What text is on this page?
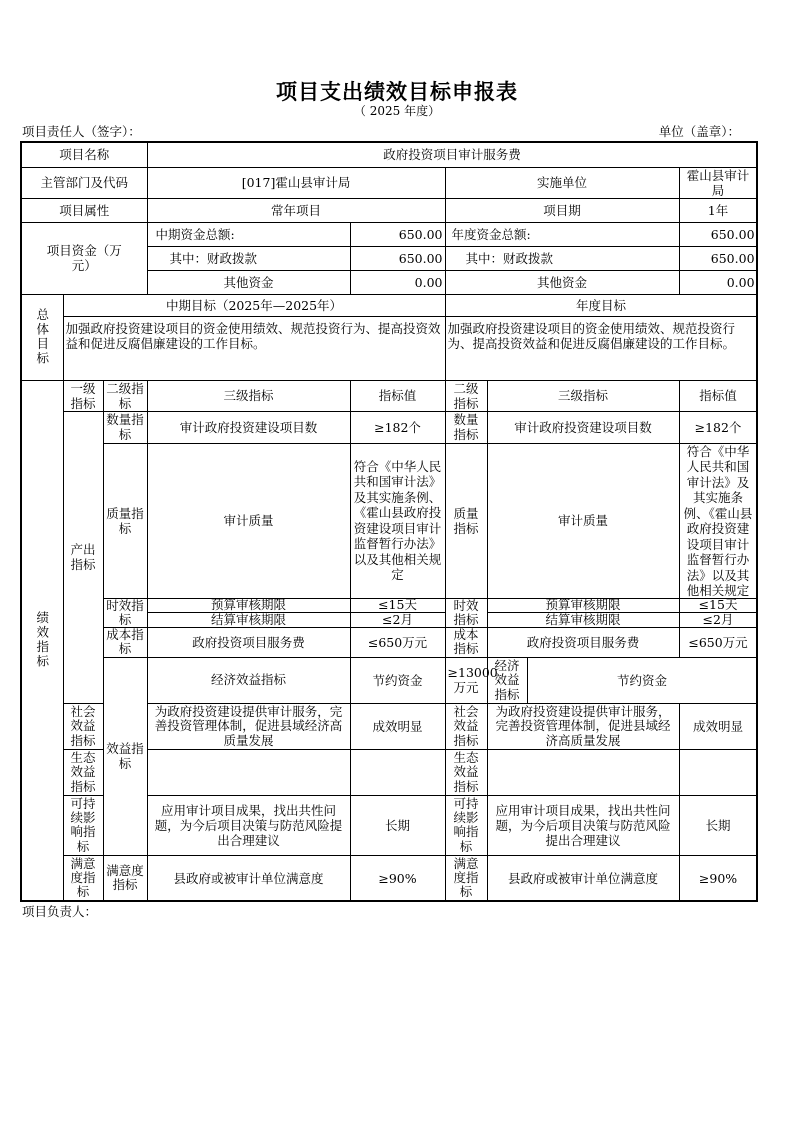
项目支出绩效目标申报表
（ 2025 年度）
项目责任人（签字）：	单位（盖章）：
项目名称			政府投资项目审计服务费						
主管部门及代码			[017]霍山县审计局		实施单位			霍山县审计局	
项目属性			常年项目		项目期			1年	
项目资金（万元）			中期资金总额:	650.00	年度资金总额:			650.00	
			其中：财政拨款	650.00	其中：财政拨款			650.00	
			其他资金	0.00	其他资金			0.00	
总体目标	中期目标（2025年—2025年）				年度目标				
	加强政府投资建设项目的资金使用绩效、规范投资行为、提高投资效益和促进反腐倡廉建设的工作目标。				加强政府投资建设项目的资金使用绩效、规范投资行为、提高投资效益和促进反腐倡廉建设的工作目标。				
绩效指标	一级指标	二级指标	三级指标	指标值	二级指标	三级指标		指标值	
	产出指标	数量指标	审计政府投资建设项目数	≥182个	数量指标	审计政府投资建设项目数		≥182个	
		质量指标	审计质量	符合《中华人民共和国审计法》及其实施条例、《霍山县政府投资建设项目审计监督暂行办法》以及其他相关规定	质量指标	审计质量		符合《中华人民共和国审计法》及其实施条例、《霍山县政府投资建设项目审计监督暂行办法》以及其他相关规定	

		时效指标	预算审核期限	≤15天	时效指标	预算审核期限		≤15天	
			结算审核期限	≤2月		结算审核期限		≤2月	
		成本指标	政府投资项目服务费	≤650万元	成本指标	政府投资项目服务费		≤650万元	
		效益指标	经济效益指标	节约资金	≥13000万元	经济效益指标	节约资金	
	社会效益指标		为政府投资建设提供审计服务，完善投资管理体制，促进县域经济高质量发展	成效明显	社会效益指标	为政府投资建设提供审计服务，完善投资管理体制，促进县域经济高质量发展		成效明显	
	生态效益指标				生态效益指标				
	可持续影响指标		应用审计项目成果，找出共性问题，为今后项目决策与防范风险提出合理建议	长期	可持续影响指标	应用审计项目成果，找出共性问题，为今后项目决策与防范风险提出合理建议		长期	
	满意度指标	满意度指标	县政府或被审计单位满意度	≥90%	满意度指标	县政府或被审计单位满意度		≥90%	
项目负责人：
